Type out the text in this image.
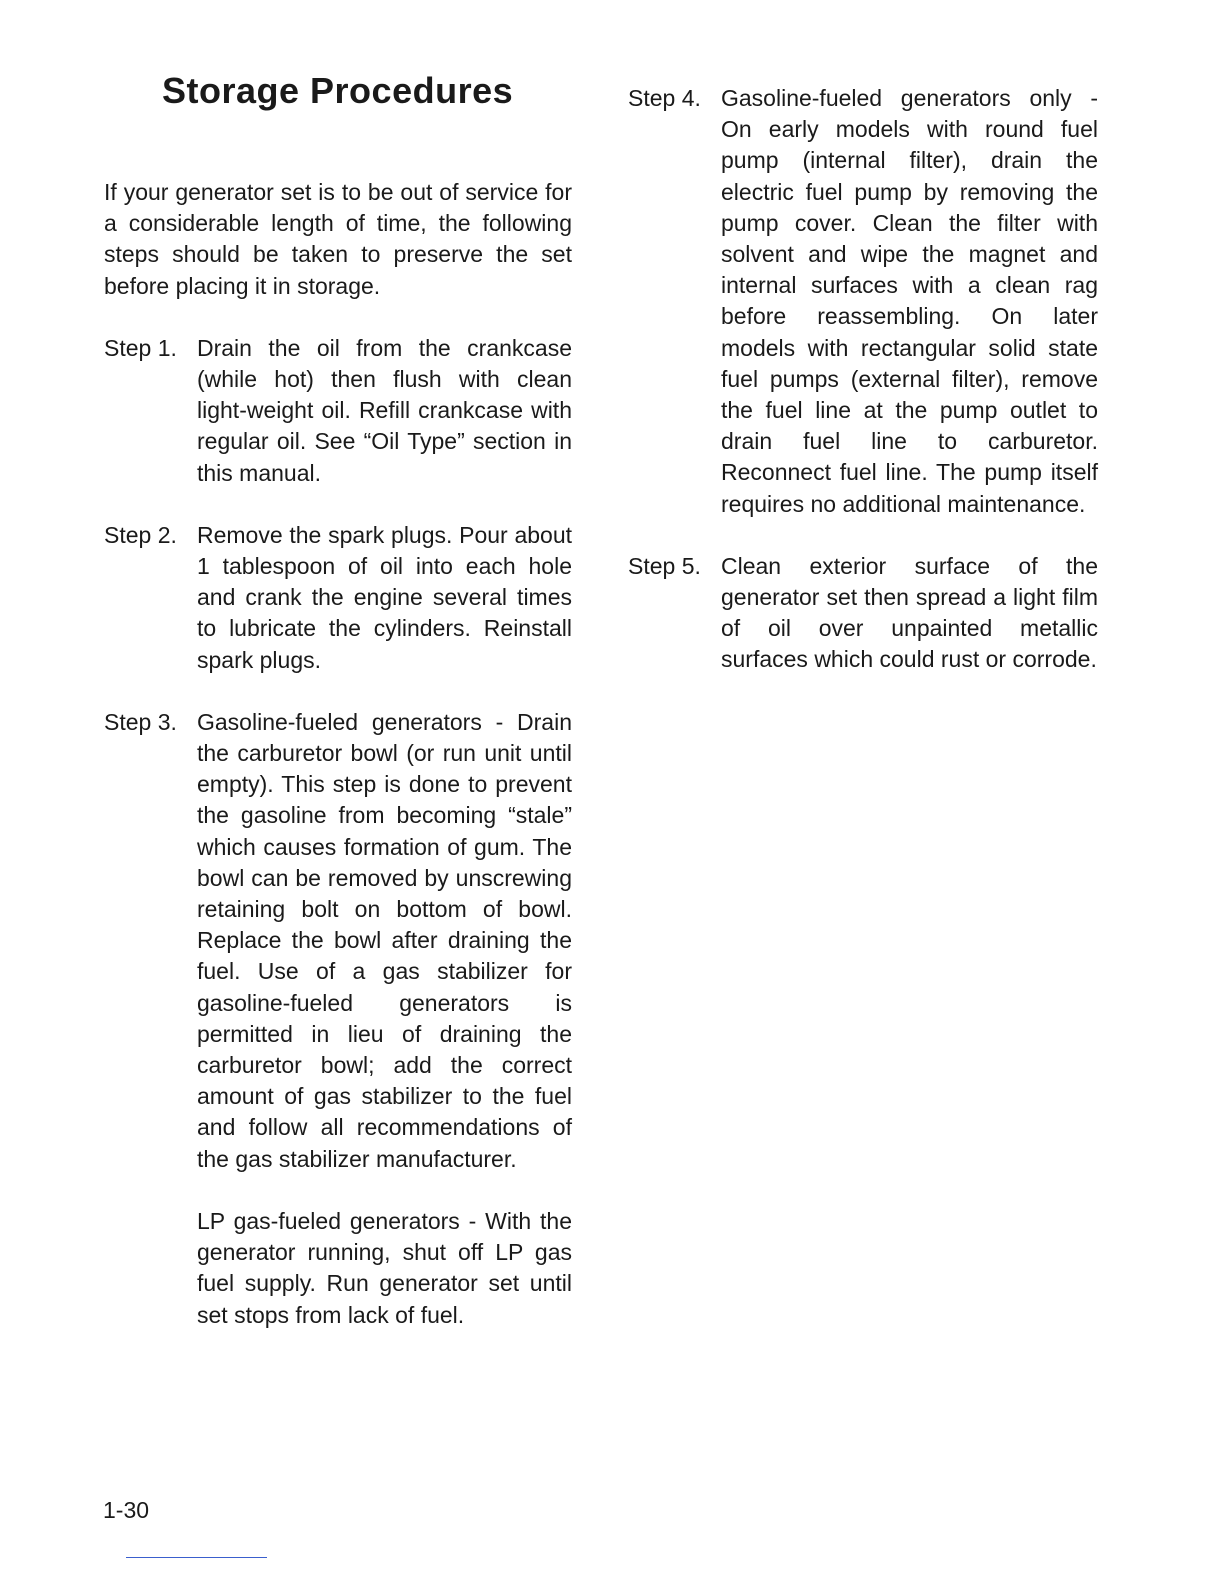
Storage Procedures

If your generator set is to be out of service for a considerable length of time, the following steps should be taken to preserve the set before placing it in storage.

Step 1. Drain the oil from the crankcase (while hot) then flush with clean light-weight oil. Refill crankcase with regular oil. See “Oil Type” section in this manual.

Step 2. Remove the spark plugs. Pour about 1 tablespoon of oil into each hole and crank the engine several times to lubricate the cylinders. Reinstall spark plugs.

Step 3. Gasoline-fueled generators - Drain the carburetor bowl (or run unit until empty). This step is done to prevent the gasoline from becoming “stale” which causes formation of gum. The bowl can be removed by unscrewing retaining bolt on bottom of bowl. Replace the bowl after draining the fuel. Use of a gas stabilizer for gasoline-fueled generators is permitted in lieu of draining the carburetor bowl; add the correct amount of gas stabilizer to the fuel and follow all recommendations of the gas stabilizer manufacturer.

LP gas-fueled generators - With the generator running, shut off LP gas fuel supply. Run generator set until set stops from lack of fuel.

Step 4. Gasoline-fueled generators only - On early models with round fuel pump (internal filter), drain the electric fuel pump by removing the pump cover. Clean the filter with solvent and wipe the magnet and internal surfaces with a clean rag before reassembling. On later models with rectangular solid state fuel pumps (external filter), remove the fuel line at the pump outlet to drain fuel line to carburetor. Reconnect fuel line. The pump itself requires no additional maintenance.

Step 5. Clean exterior surface of the generator set then spread a light film of oil over unpainted metallic surfaces which could rust or corrode.

1-30
